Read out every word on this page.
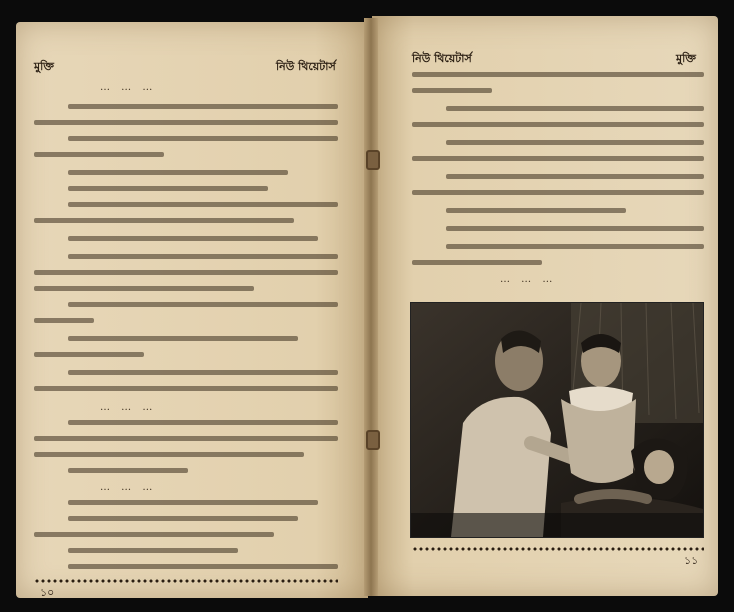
মুক্তি	নিউ থিয়েটার্স
… … …
… … …
… … …
১০
নিউ থিয়েটার্স	মুক্তি
… … …
১১
